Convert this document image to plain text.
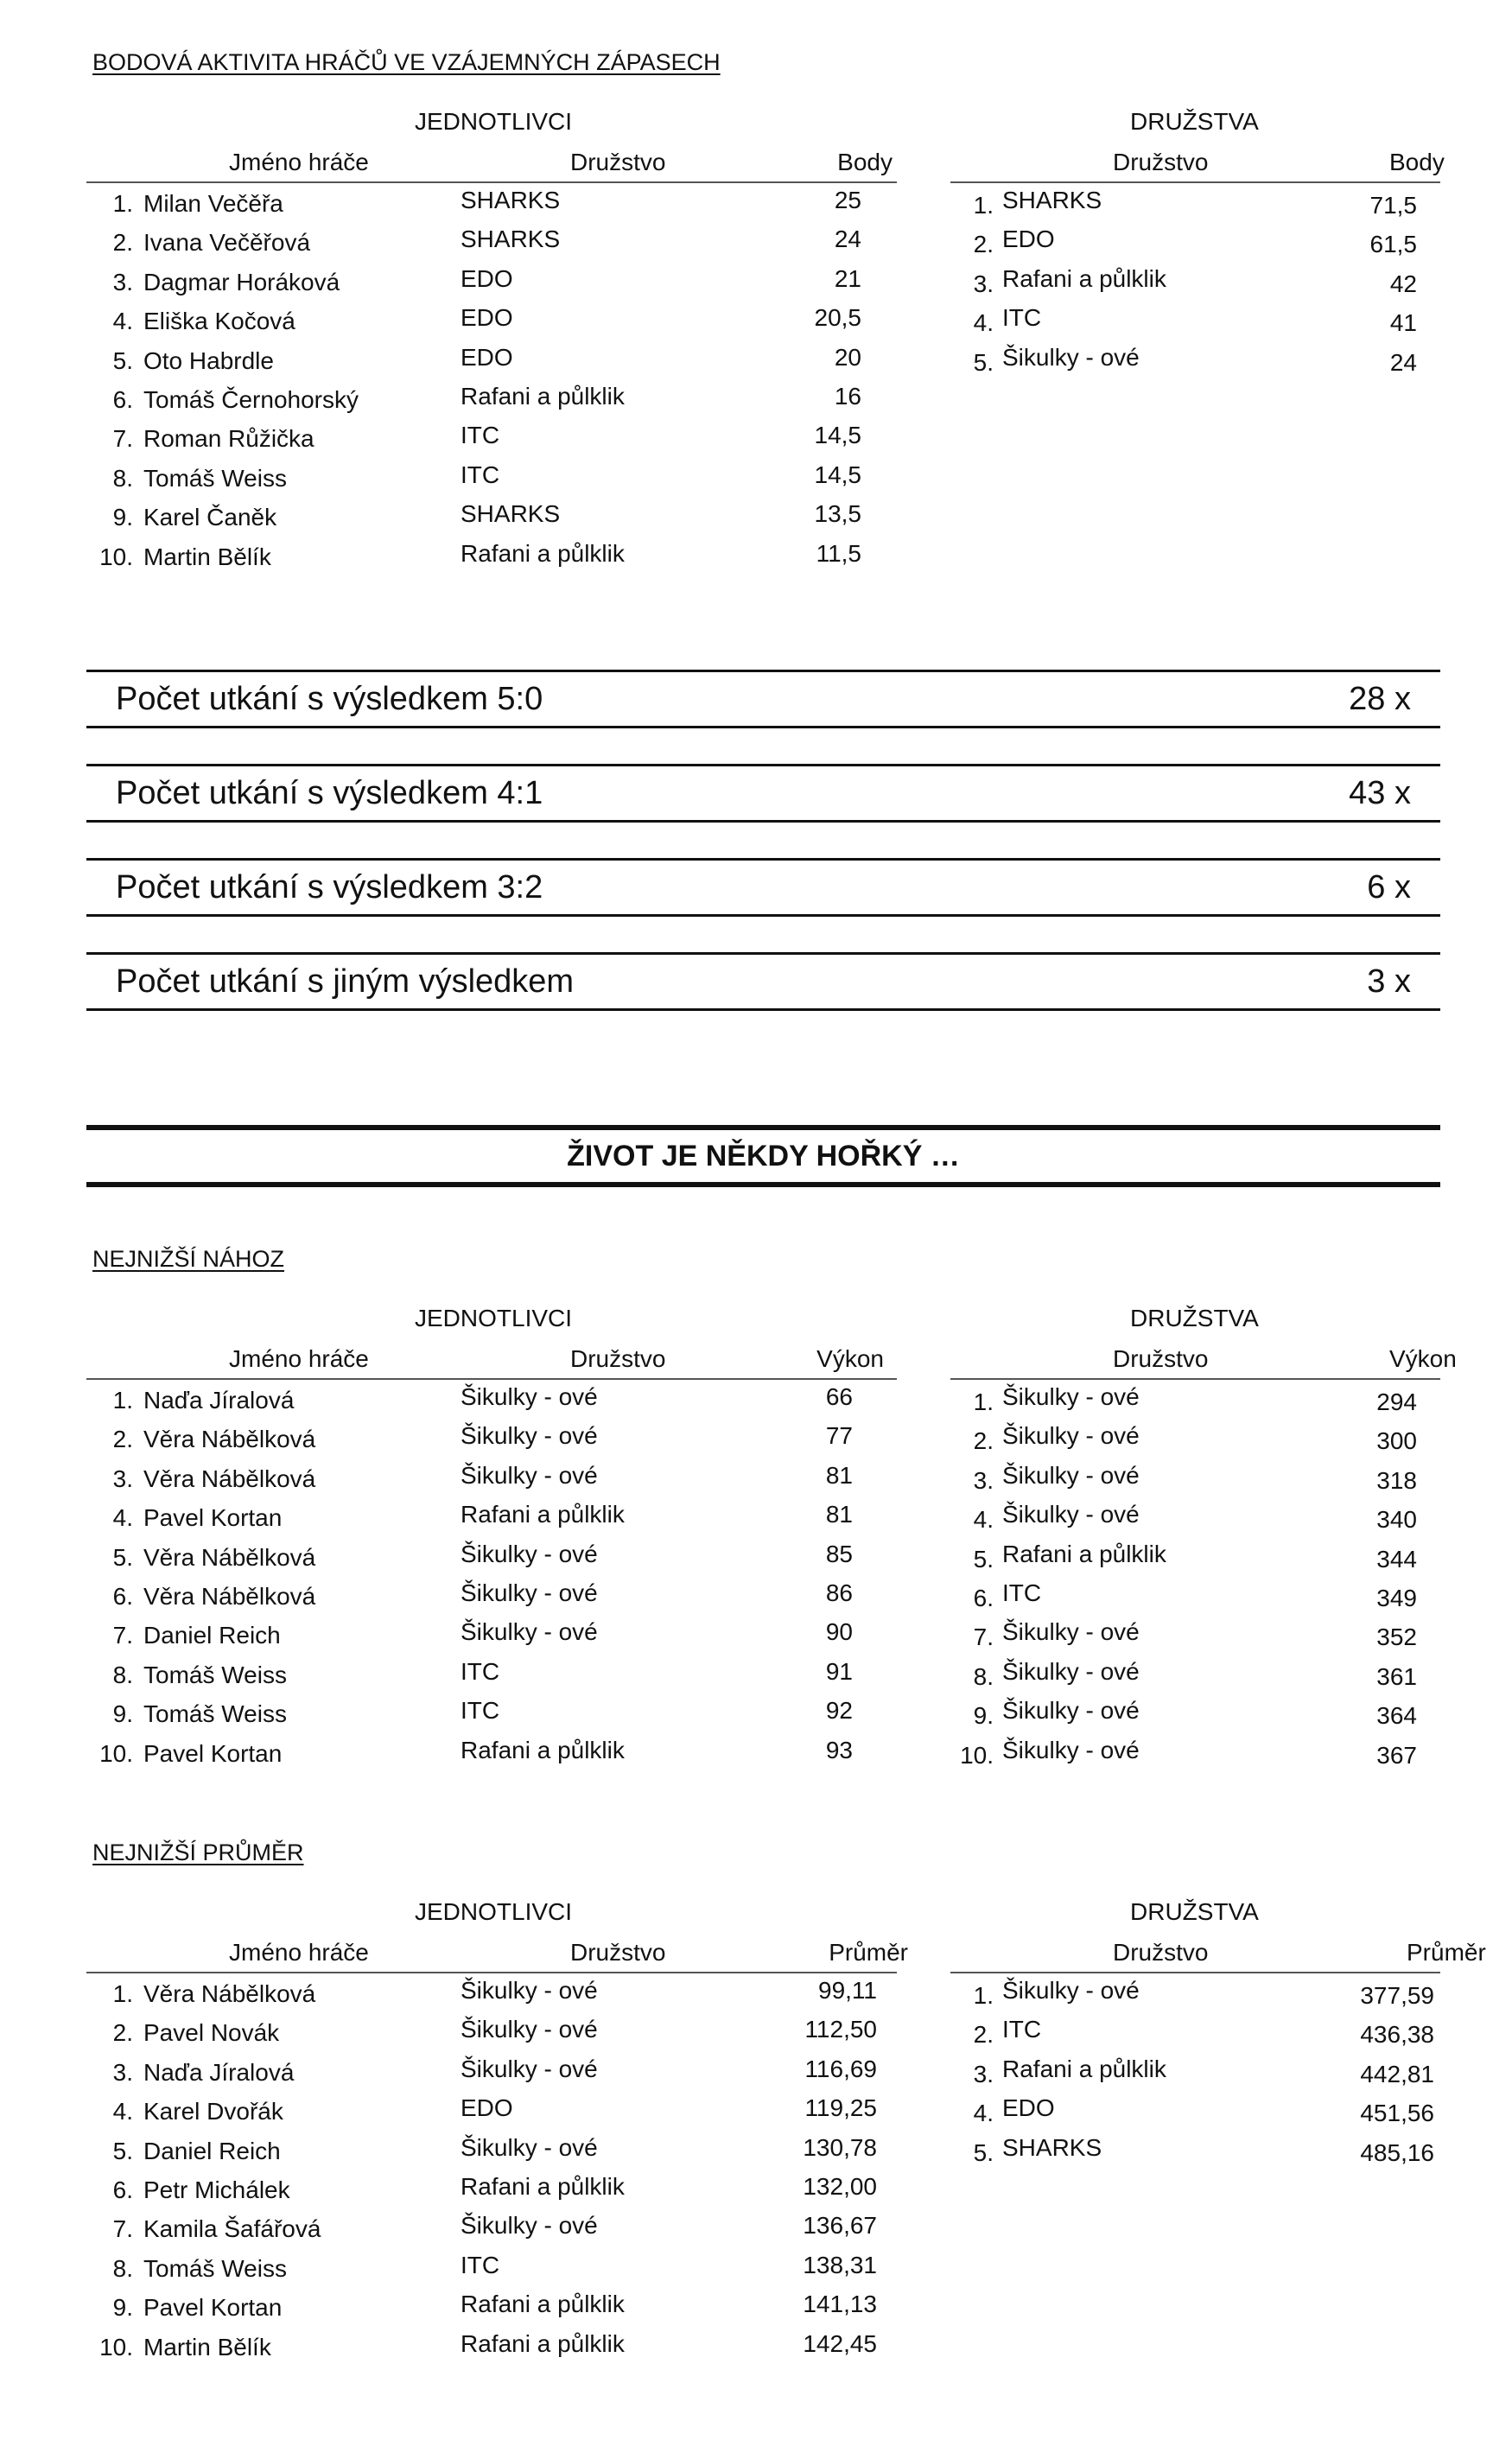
BODOVÁ AKTIVITA HRÁČŮ VE VZÁJEMNÝCH ZÁPASECH
JEDNOTLIVCI	DRUŽSTVA
Jméno hráče	Družstvo	Body
1. Milan Večěřa	SHARKS	25
2. Ivana Večěřová	SHARKS	24
3. Dagmar Horáková	EDO	21
4. Eliška Kočová	EDO	20,5
5. Oto Habrdle	EDO	20
6. Tomáš Černohorský	Rafani a půlklik	16
7. Roman Růžička	ITC	14,5
8. Tomáš Weiss	ITC	14,5
9. Karel Čaněk	SHARKS	13,5
10. Martin Bělík	Rafani a půlklik	11,5
Družstvo	Body
1. SHARKS	71,5
2. EDO	61,5
3. Rafani a půlklik	42
4. ITC	41
5. Šikulky - ové	24
Počet utkání s výsledkem 5:0	28 x
Počet utkání s výsledkem 4:1	43 x
Počet utkání s výsledkem 3:2	6 x
Počet utkání s jiným výsledkem	3 x
ŽIVOT JE NĚKDY HOŘKÝ …
NEJNIŽŠÍ NÁHOZ
JEDNOTLIVCI	DRUŽSTVA
Jméno hráče	Družstvo	Výkon
1. Naďa Jíralová	Šikulky - ové	66
2. Věra Nábělková	Šikulky - ové	77
3. Věra Nábělková	Šikulky - ové	81
4. Pavel Kortan	Rafani a půlklik	81
5. Věra Nábělková	Šikulky - ové	85
6. Věra Nábělková	Šikulky - ové	86
7. Daniel Reich	Šikulky - ové	90
8. Tomáš Weiss	ITC	91
9. Tomáš Weiss	ITC	92
10. Pavel Kortan	Rafani a půlklik	93
Družstvo	Výkon
1. Šikulky - ové	294
2. Šikulky - ové	300
3. Šikulky - ové	318
4. Šikulky - ové	340
5. Rafani a půlklik	344
6. ITC	349
7. Šikulky - ové	352
8. Šikulky - ové	361
9. Šikulky - ové	364
10. Šikulky - ové	367
NEJNIŽŠÍ PRŮMĚR
JEDNOTLIVCI	DRUŽSTVA
Jméno hráče	Družstvo	Průměr
1. Věra Nábělková	Šikulky - ové	99,11
2. Pavel Novák	Šikulky - ové	112,50
3. Naďa Jíralová	Šikulky - ové	116,69
4. Karel Dvořák	EDO	119,25
5. Daniel Reich	Šikulky - ové	130,78
6. Petr Michálek	Rafani a půlklik	132,00
7. Kamila Šafářová	Šikulky - ové	136,67
8. Tomáš Weiss	ITC	138,31
9. Pavel Kortan	Rafani a půlklik	141,13
10. Martin Bělík	Rafani a půlklik	142,45
Družstvo	Průměr
1. Šikulky - ové	377,59
2. ITC	436,38
3. Rafani a půlklik	442,81
4. EDO	451,56
5. SHARKS	485,16
